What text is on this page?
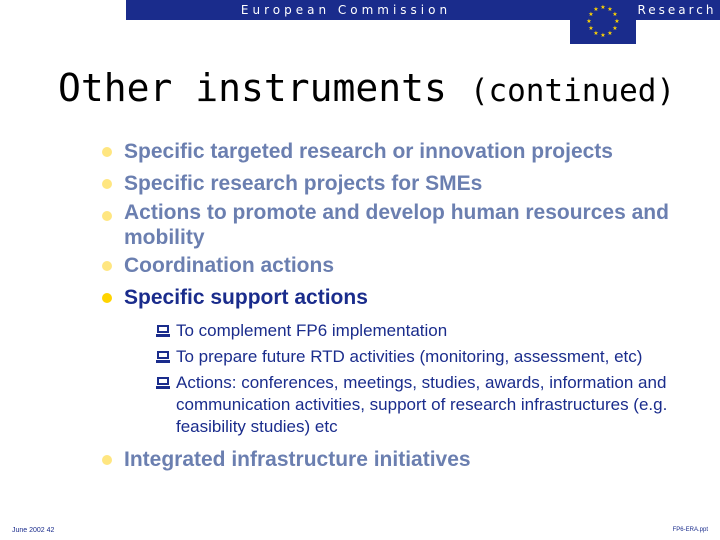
European Commission	Research
★ ★
★
★
★
★
★
★
★
★
★
★
Other instruments (continued)
Specific targeted research or innovation projects
Specific research projects for SMEs
Actions to promote and develop human resources and mobility
Coordination actions
Specific support actions
To complement FP6 implementation
To prepare future RTD activities (monitoring, assessment, etc)
Actions: conferences, meetings, studies, awards, information and communication activities, support of research infrastructures (e.g. feasibility studies) etc
Integrated infrastructure initiatives
June 2002 42	FP6-ERA.ppt
